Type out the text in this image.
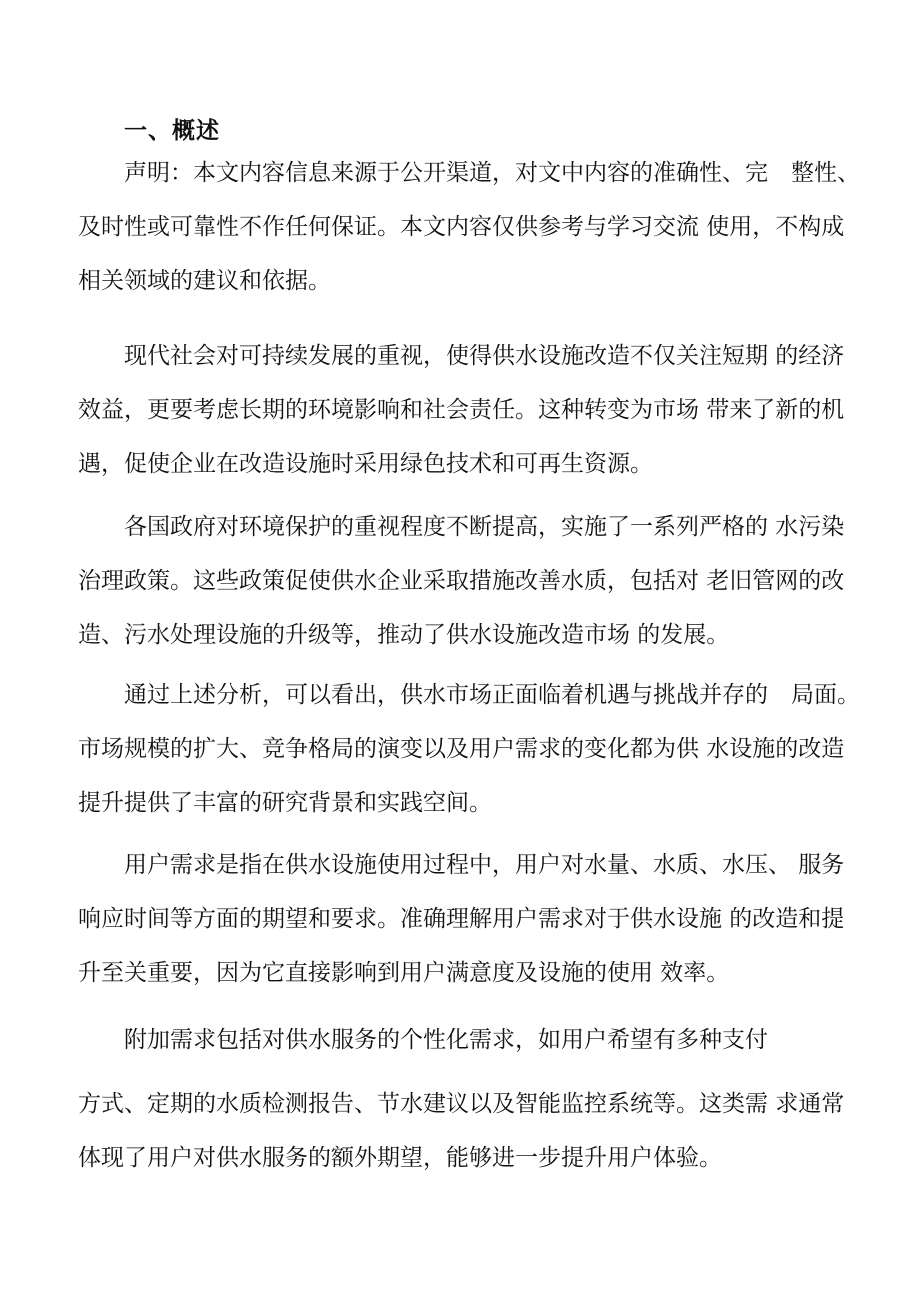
一、概述
声明：本文内容信息来源于公开渠道，对文中内容的准确性、完　整性、
及时性或可靠性不作任何保证。本文内容仅供参考与学习交流 使用，不构成
相关领域的建议和依据。
现代社会对可持续发展的重视，使得供水设施改造不仅关注短期 的经济
效益，更要考虑长期的环境影响和社会责任。这种转变为市场 带来了新的机
遇，促使企业在改造设施时采用绿色技术和可再生资源。
各国政府对环境保护的重视程度不断提高，实施了一系列严格的 水污染
治理政策。这些政策促使供水企业采取措施改善水质，包括对 老旧管网的改
造、污水处理设施的升级等，推动了供水设施改造市场 的发展。
通过上述分析，可以看出，供水市场正面临着机遇与挑战并存的　局面。
市场规模的扩大、竞争格局的演变以及用户需求的变化都为供 水设施的改造
提升提供了丰富的研究背景和实践空间。
用户需求是指在供水设施使用过程中，用户对水量、水质、水压、 服务
响应时间等方面的期望和要求。准确理解用户需求对于供水设施 的改造和提
升至关重要，因为它直接影响到用户满意度及设施的使用 效率。
附加需求包括对供水服务的个性化需求，如用户希望有多种支付
方式、定期的水质检测报告、节水建议以及智能监控系统等。这类需 求通常
体现了用户对供水服务的额外期望，能够进一步提升用户体验。
